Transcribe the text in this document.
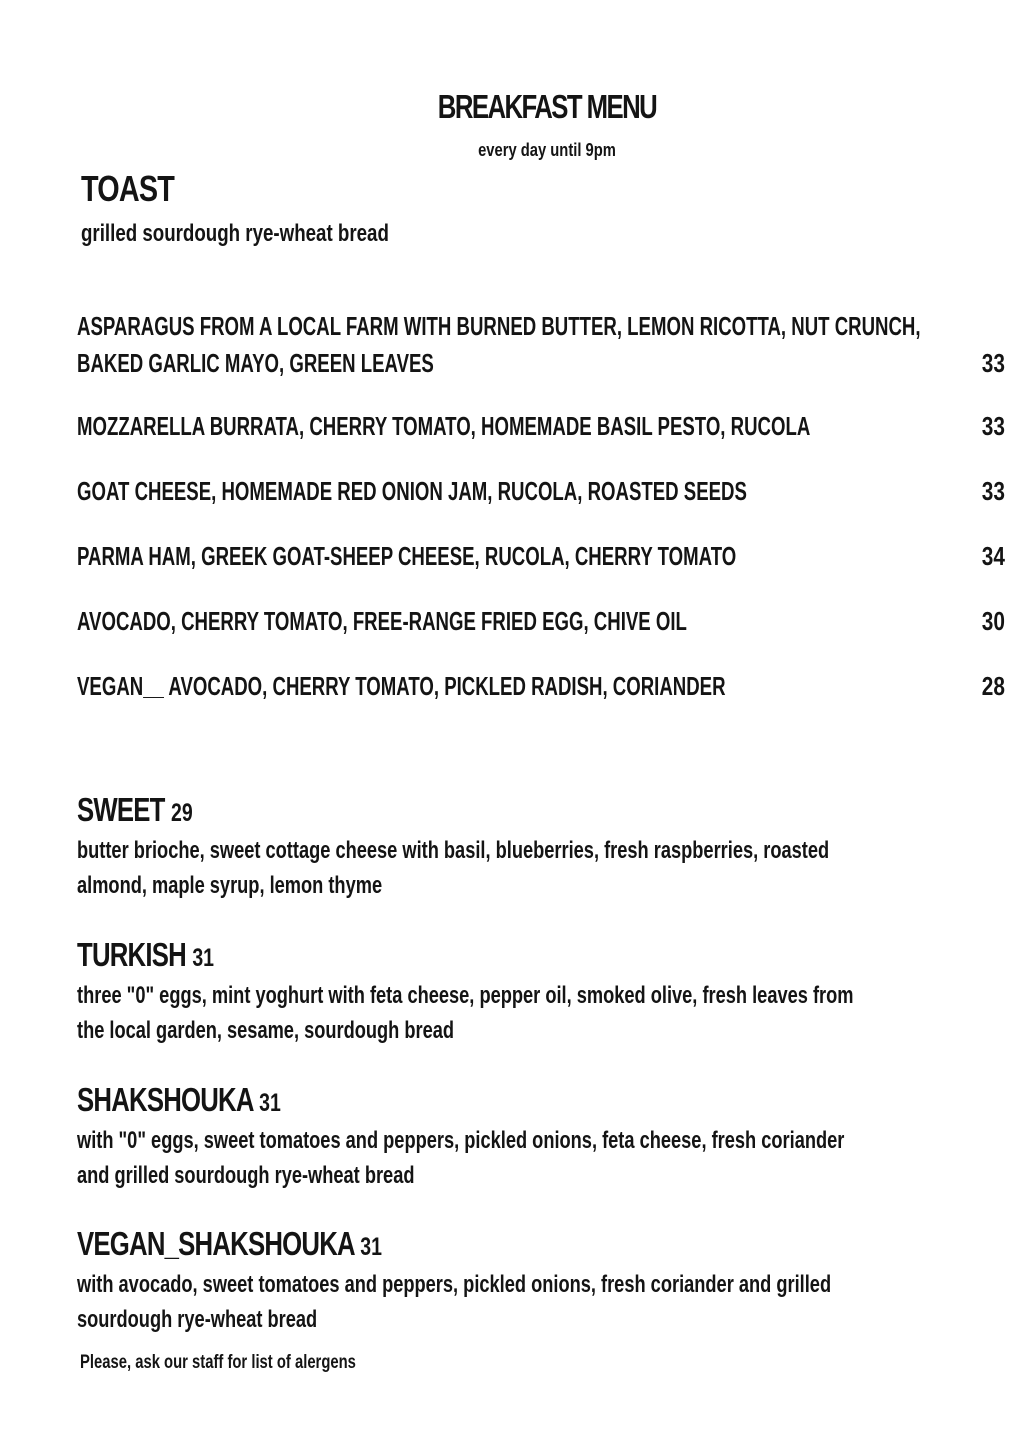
BREAKFAST MENU

every day until 9pm

TOAST

grilled sourdough rye-wheat bread

ASPARAGUS FROM A LOCAL FARM WITH BURNED BUTTER, LEMON RICOTTA, NUT CRUNCH,
BAKED GARLIC MAYO, GREEN LEAVES	33
MOZZARELLA BURRATA, CHERRY TOMATO, HOMEMADE BASIL PESTO, RUCOLA	33
GOAT CHEESE, HOMEMADE RED ONION JAM, RUCOLA, ROASTED SEEDS	33
PARMA HAM, GREEK GOAT-SHEEP CHEESE, RUCOLA, CHERRY TOMATO	34
AVOCADO, CHERRY TOMATO, FREE-RANGE FRIED EGG, CHIVE OIL	30
VEGAN__ AVOCADO, CHERRY TOMATO, PICKLED RADISH, CORIANDER	28
SWEET 29
butter brioche, sweet cottage cheese with basil, blueberries, fresh raspberries, roasted
almond, maple syrup, lemon thyme
TURKISH 31
three "0" eggs, mint yoghurt with feta cheese, pepper oil, smoked olive, fresh leaves from
the local garden, sesame, sourdough bread
SHAKSHOUKA 31
with "0" eggs, sweet tomatoes and peppers, pickled onions, feta cheese, fresh coriander
and grilled sourdough rye-wheat bread
VEGAN_SHAKSHOUKA 31
with avocado, sweet tomatoes and peppers, pickled onions, fresh coriander and grilled
sourdough rye-wheat bread

Please, ask our staff for list of alergens
